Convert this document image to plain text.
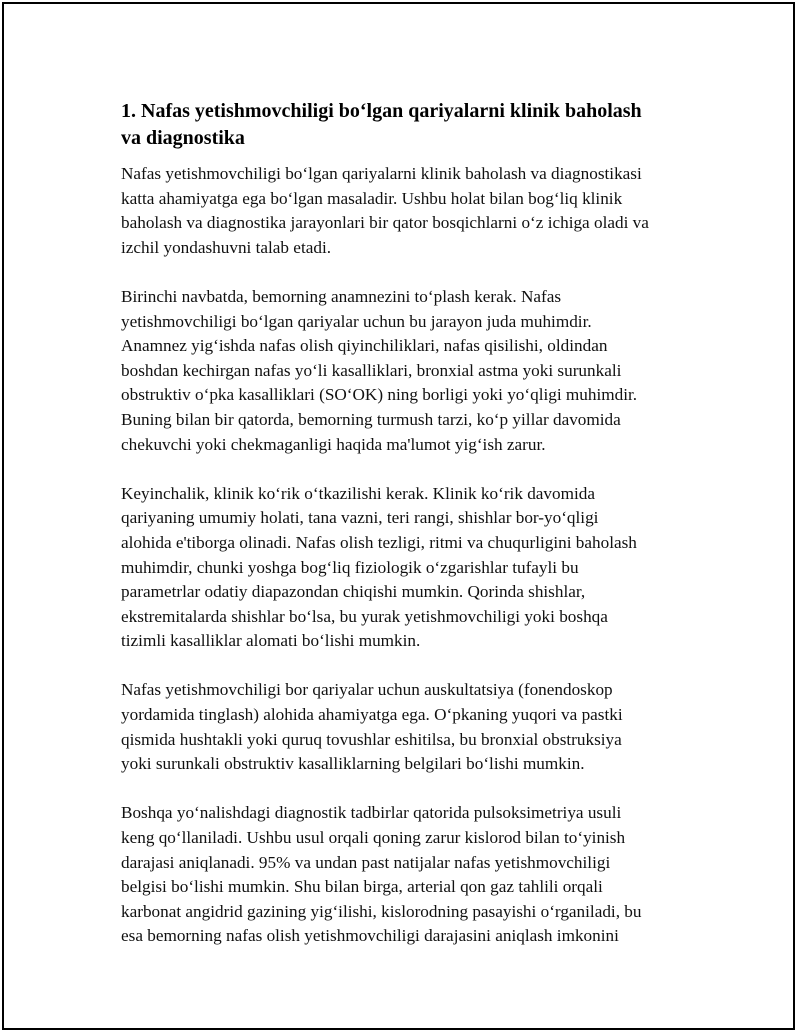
1. Nafas yetishmovchiligi bo‘lgan qariyalarni klinik baholash
va diagnostika

Nafas yetishmovchiligi bo‘lgan qariyalarni klinik baholash va diagnostikasi
katta ahamiyatga ega bo‘lgan masaladir. Ushbu holat bilan bog‘liq klinik
baholash va diagnostika jarayonlari bir qator bosqichlarni o‘z ichiga oladi va
izchil yondashuvni talab etadi.

Birinchi navbatda, bemorning anamnezini to‘plash kerak. Nafas
yetishmovchiligi bo‘lgan qariyalar uchun bu jarayon juda muhimdir.
Anamnez yig‘ishda nafas olish qiyinchiliklari, nafas qisilishi, oldindan
boshdan kechirgan nafas yo‘li kasalliklari, bronxial astma yoki surunkali
obstruktiv o‘pka kasalliklari (SO‘OK) ning borligi yoki yo‘qligi muhimdir.
Buning bilan bir qatorda, bemorning turmush tarzi, ko‘p yillar davomida
chekuvchi yoki chekmaganligi haqida ma'lumot yig‘ish zarur.

Keyinchalik, klinik ko‘rik o‘tkazilishi kerak. Klinik ko‘rik davomida
qariyaning umumiy holati, tana vazni, teri rangi, shishlar bor-yo‘qligi
alohida e'tiborga olinadi. Nafas olish tezligi, ritmi va chuqurligini baholash
muhimdir, chunki yoshga bog‘liq fiziologik o‘zgarishlar tufayli bu
parametrlar odatiy diapazondan chiqishi mumkin. Qorinda shishlar,
ekstremitalarda shishlar bo‘lsa, bu yurak yetishmovchiligi yoki boshqa
tizimli kasalliklar alomati bo‘lishi mumkin.

Nafas yetishmovchiligi bor qariyalar uchun auskultatsiya (fonendoskop
yordamida tinglash) alohida ahamiyatga ega. O‘pkaning yuqori va pastki
qismida hushtakli yoki quruq tovushlar eshitilsa, bu bronxial obstruksiya
yoki surunkali obstruktiv kasalliklarning belgilari bo‘lishi mumkin.

Boshqa yo‘nalishdagi diagnostik tadbirlar qatorida pulsoksimetriya usuli
keng qo‘llaniladi. Ushbu usul orqali qoning zarur kislorod bilan to‘yinish
darajasi aniqlanadi. 95% va undan past natijalar nafas yetishmovchiligi
belgisi bo‘lishi mumkin. Shu bilan birga, arterial qon gaz tahlili orqali
karbonat angidrid gazining yig‘ilishi, kislorodning pasayishi o‘rganiladi, bu
esa bemorning nafas olish yetishmovchiligi darajasini aniqlash imkonini
